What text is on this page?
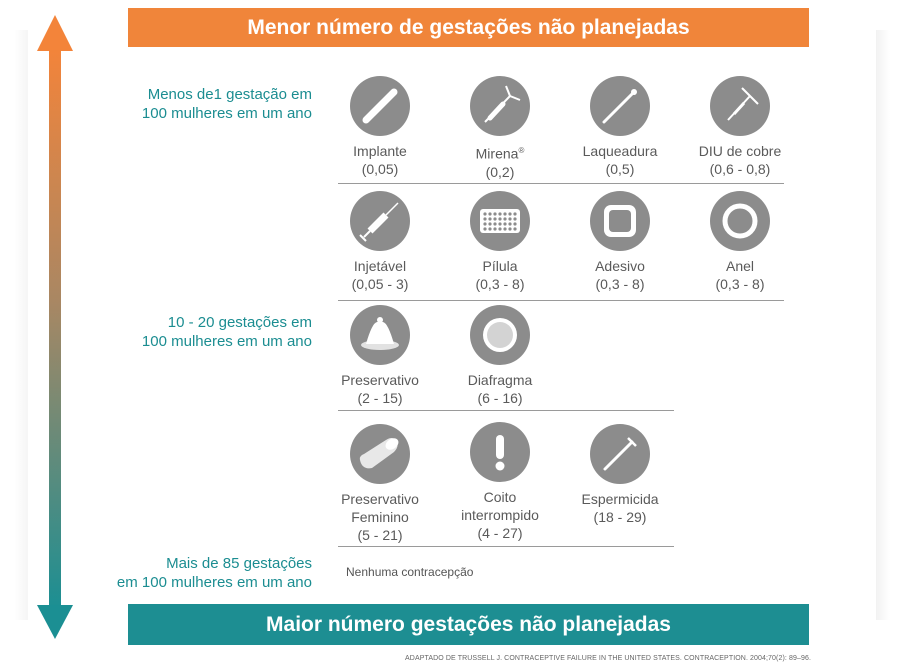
Menor número de gestações não planejadas
Maior número gestações não planejadas
Menos de1 gestação em
100 mulheres em um ano
10 - 20 gestações em
100 mulheres em um ano
Mais de 85 gestações
em 100 mulheres em um ano
Implante
(0,05)
Mirena®
(0,2)
Laqueadura
(0,5)
DIU de cobre
(0,6 - 0,8)
Injetável
(0,05 - 3)
Pílula
(0,3 - 8)
Adesivo
(0,3 - 8)
Anel
(0,3 - 8)
Preservativo
(2 - 15)
Diafragma
(6 - 16)
Preservativo
Feminino
(5 - 21)
Coito
interrompido
(4 - 27)
Espermicida
(18 - 29)
Nenhuma contracepção
ADAPTADO DE TRUSSELL J. CONTRACEPTIVE FAILURE IN THE UNITED STATES. CONTRACEPTION. 2004;70(2): 89–96.
